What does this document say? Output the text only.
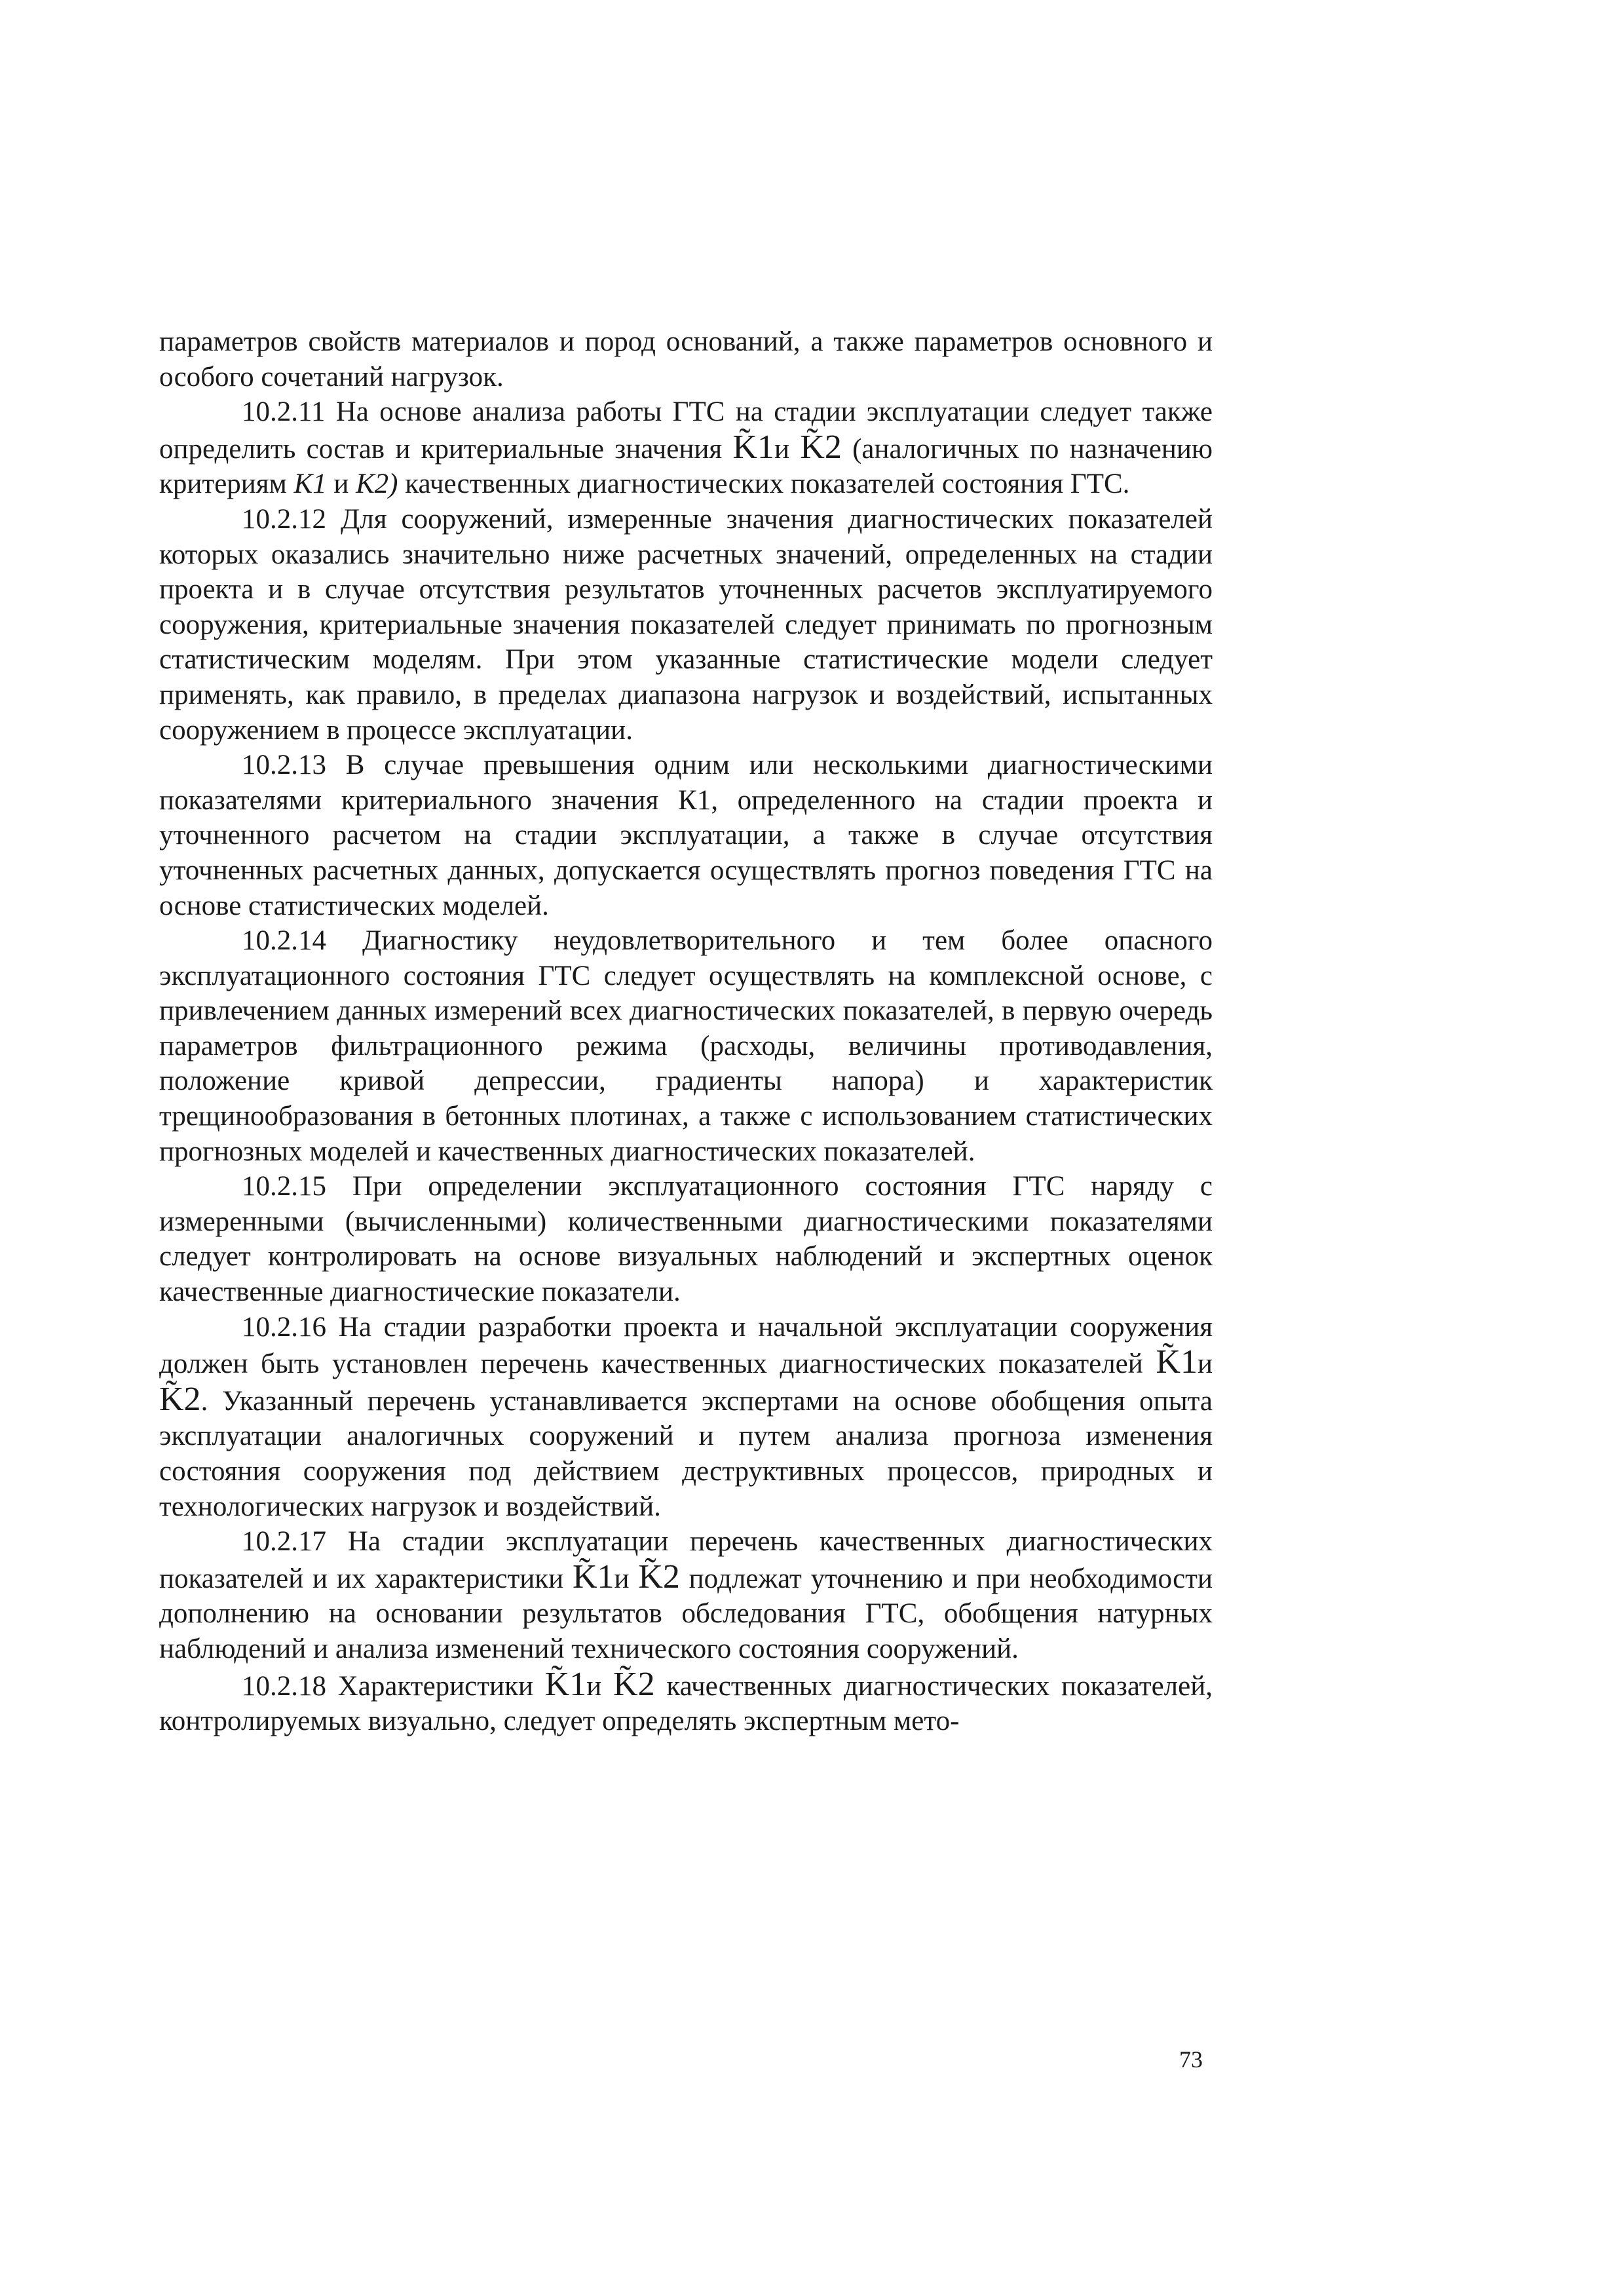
параметров свойств материалов и пород оснований, а также параметров основного и особого сочетаний нагрузок.

10.2.11 На основе анализа работы ГТС на стадии эксплуатации следует также определить состав и критериальные значения K̃1и K̃2 (аналогичных по назначению критериям К1 и К2) качественных диагностических показателей состояния ГТС.

10.2.12 Для сооружений, измеренные значения диагностических показателей которых оказались значительно ниже расчетных значений, определенных на стадии проекта и в случае отсутствия результатов уточненных расчетов эксплуатируемого сооружения, критериальные значения показателей следует принимать по прогнозным статистическим моделям. При этом указанные статистические модели следует применять, как правило, в пределах диапазона нагрузок и воздействий, испытанных сооружением в процессе эксплуатации.

10.2.13 В случае превышения одним или несколькими диагностическими показателями критериального значения К1, определенного на стадии проекта и уточненного расчетом на стадии эксплуатации, а также в случае отсутствия уточненных расчетных данных, допускается осуществлять прогноз поведения ГТС на основе статистических моделей.

10.2.14 Диагностику неудовлетворительного и тем более опасного эксплуатационного состояния ГТС следует осуществлять на комплексной основе, с привлечением данных измерений всех диагностических показателей, в первую очередь параметров фильтрационного режима (расходы, величины противодавления, положение кривой депрессии, градиенты напора) и характеристик трещинообразования в бетонных плотинах, а также с использованием статистических прогнозных моделей и качественных диагностических показателей.

10.2.15 При определении эксплуатационного состояния ГТС наряду с измеренными (вычисленными) количественными диагностическими показателями следует контролировать на основе визуальных наблюдений и экспертных оценок качественные диагностические показатели.

10.2.16 На стадии разработки проекта и начальной эксплуатации сооружения должен быть установлен перечень качественных диагностических показателей K̃1и K̃2. Указанный перечень устанавливается экспертами на основе обобщения опыта эксплуатации аналогичных сооружений и путем анализа прогноза изменения состояния сооружения под действием деструктивных процессов, природных и технологических нагрузок и воздействий.

10.2.17 На стадии эксплуатации перечень качественных диагностических показателей и их характеристики K̃1и K̃2 подлежат уточнению и при необходимости дополнению на основании результатов обследования ГТС, обобщения натурных наблюдений и анализа изменений технического состояния сооружений.

10.2.18 Характеристики K̃1и K̃2 качественных диагностических показателей, контролируемых визуально, следует определять экспертным мето-

73
